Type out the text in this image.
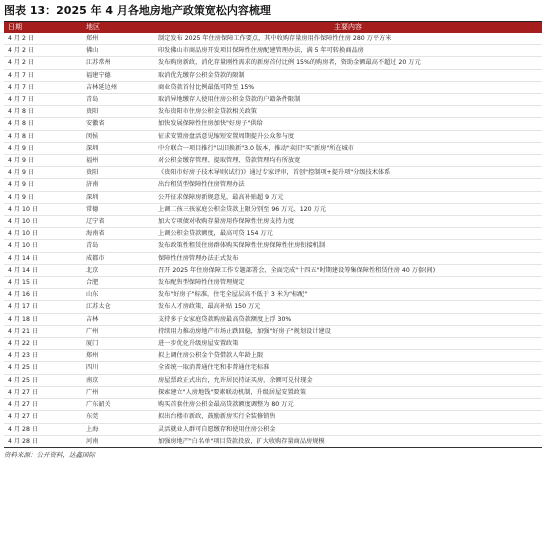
图表 13：2025 年 4 月各地房地产政策宽松内容梳理
日期	地区	主要内容
4 月 2 日	郑州	制定发布 2025 年住房保障工作要点，其中收购存量房用作保障性住房 280 万平方米
4 月 2 日	佛山	印发佛山市商品房开发项目保障性住房配建管理办法，满 5 年可转换商品房
4 月 2 日	江苏常州	发布购房新政，消化存量刚性需求的新房首付比例 15%的购房者，资助金额最高不超过 20 万元
4 月 7 日	福建宁德	取消优先缴存公积金贷款的限制
4 月 7 日	吉林延边州	商业贷款首付比例最低可降至 15%
4 月 7 日	青岛	取消异地缴存人使用住房公积金贷款的户籍条件限制
4 月 8 日	贵阳	发布贵阳市住房公积金贷款相关政策
4 月 8 日	安徽省	加快发展保障性住房加快"好房子"供给
4 月 8 日	闵侯	征求安置房盘活意见缩短安置周期提升公众参与度
4 月 9 日	深圳	中介联合一项目推行"以旧换新"3.0 版本，推动"卖旧"买"新房"所在城市
4 月 9 日	福州	对公积金缴存管理、提取管理、贷款管理均有所放宽
4 月 9 日	贵阳	《贵阳市好房子技术导则(试行)》通过专家评审，首创"控制项+提升项"分级技术体系
4 月 9 日	济南	出台租赁型保障性住房管理办法
4 月 9 日	深圳	公开征求保障房新规意见，最高补贴超 9 万元
4 月 10 日	常德	上调二孩三孩家庭公积金贷款上限分别至 96 万元、120 万元
4 月 10 日	辽宁省	加大专项债对收购存量房用作保障性住房支持力度
4 月 10 日	海南省	上调公积金贷款额度，最高可贷 154 万元
4 月 10 日	青岛	发布政策性租赁住房群体购买保障性住房保障性住房衔接机制
4 月 14 日	成都市	保障性住房管理办法正式发布
4 月 14 日	北京	召开 2025 年住房保障工作专题部署会，全面完成"十四五"时期建设筹集保障性租赁住房 40 万套(间)
4 月 15 日	合肥	发布配售型保障性住房管理规定
4 月 16 日	山东	发布"好房子"标准，住宅全屋层高不低于 3 米为"标配"
4 月 17 日	江苏太仓	发布人才房政策，最高补贴 150 万元
4 月 18 日	吉林	支持多子女家庭贷款购房最高贷款额度上浮 30%
4 月 21 日	广州	持续用力推动房地产市场止跌回稳，加强"好房子"规划设计建设
4 月 22 日	厦门	进一步优化升级房屋安置政策
4 月 23 日	郑州	拟上调住房公积金个贷借款人年龄上限
4 月 25 日	四川	全省统一取消普通住宅和非普通住宅标准
4 月 25 日	南京	房屋票政正式出台，允许居民持证买房，余额可兑付现金
4 月 27 日	广州	探索建立"人房地钱"要素联动机制，升级居屋安置政策
4 月 27 日	广东韶关	购买首套住房公积金最高贷款额度调整为 80 万元
4 月 27 日	东莞	拟出台楼市新政，鼓励新房实行全装修销售
4 月 28 日	上海	灵活就业人群可自愿缴存和使用住房公积金
4 月 28 日	河南	加强房地产"白名单"项目贷款投放，扩大收购存量商品房规模
资料来源：公开资料，达鑫国际
